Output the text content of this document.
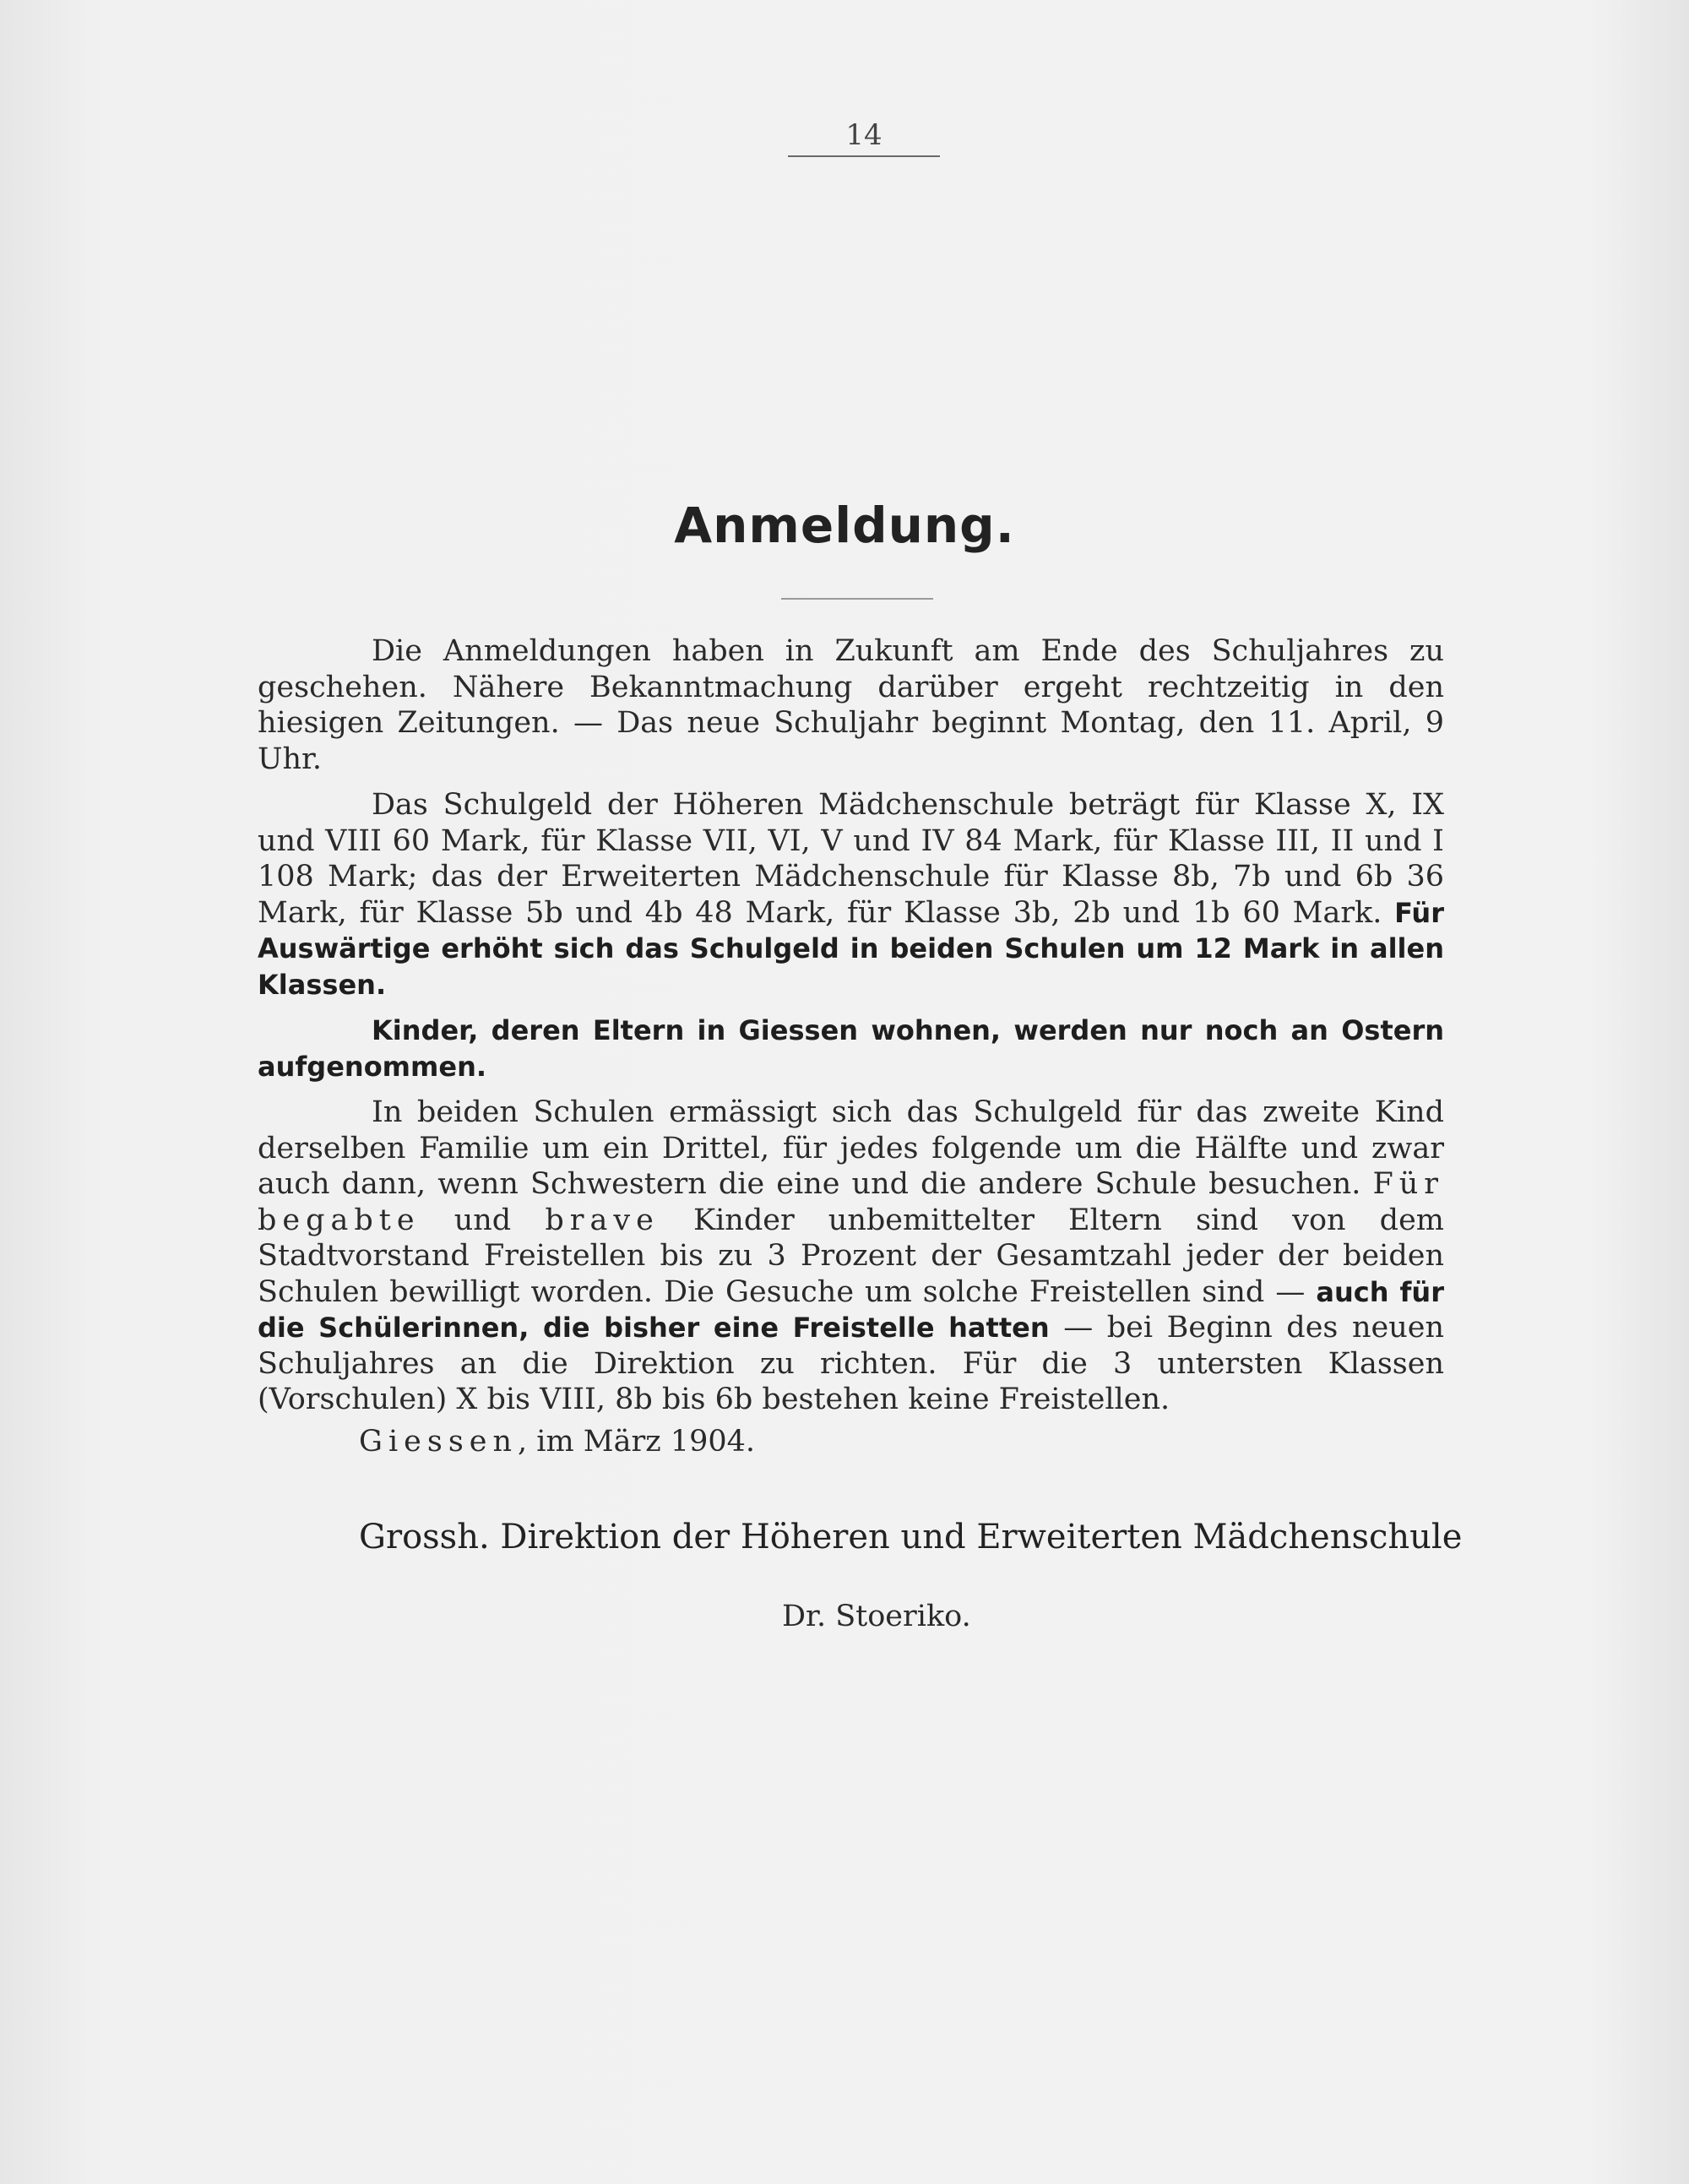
14
Anmeldung.

Die Anmeldungen haben in Zukunft am Ende des Schuljahres zu geschehen. Nähere Bekanntmachung darüber ergeht rechtzeitig in den hiesigen Zeitungen. — Das neue Schuljahr beginnt Montag, den 11. April, 9 Uhr.

Das Schulgeld der Höheren Mädchenschule beträgt für Klasse X, IX und VIII 60 Mark, für Klasse VII, VI, V und IV 84 Mark, für Klasse III, II und I 108 Mark; das der Erweiterten Mädchenschule für Klasse 8b, 7b und 6b 36 Mark, für Klasse 5b und 4b 48 Mark, für Klasse 3b, 2b und 1b 60 Mark. Für Auswärtige erhöht sich das Schulgeld in beiden Schulen um 12 Mark in allen Klassen.

Kinder, deren Eltern in Giessen wohnen, werden nur noch an Ostern aufgenommen.

In beiden Schulen ermässigt sich das Schulgeld für das zweite Kind derselben Familie um ein Drittel, für jedes folgende um die Hälfte und zwar auch dann, wenn Schwestern die eine und die andere Schule besuchen. Für begabte und brave Kinder unbemittelter Eltern sind von dem Stadtvorstand Freistellen bis zu 3 Prozent der Gesamtzahl jeder der beiden Schulen bewilligt worden. Die Gesuche um solche Freistellen sind — auch für die Schülerinnen, die bisher eine Freistelle hatten — bei Beginn des neuen Schuljahres an die Direktion zu richten. Für die 3 untersten Klassen (Vorschulen) X bis VIII, 8b bis 6b bestehen keine Freistellen.

Giessen, im März 1904.
Grossh. Direktion der Höheren und Erweiterten Mädchenschule
Dr. Stoeriko.
